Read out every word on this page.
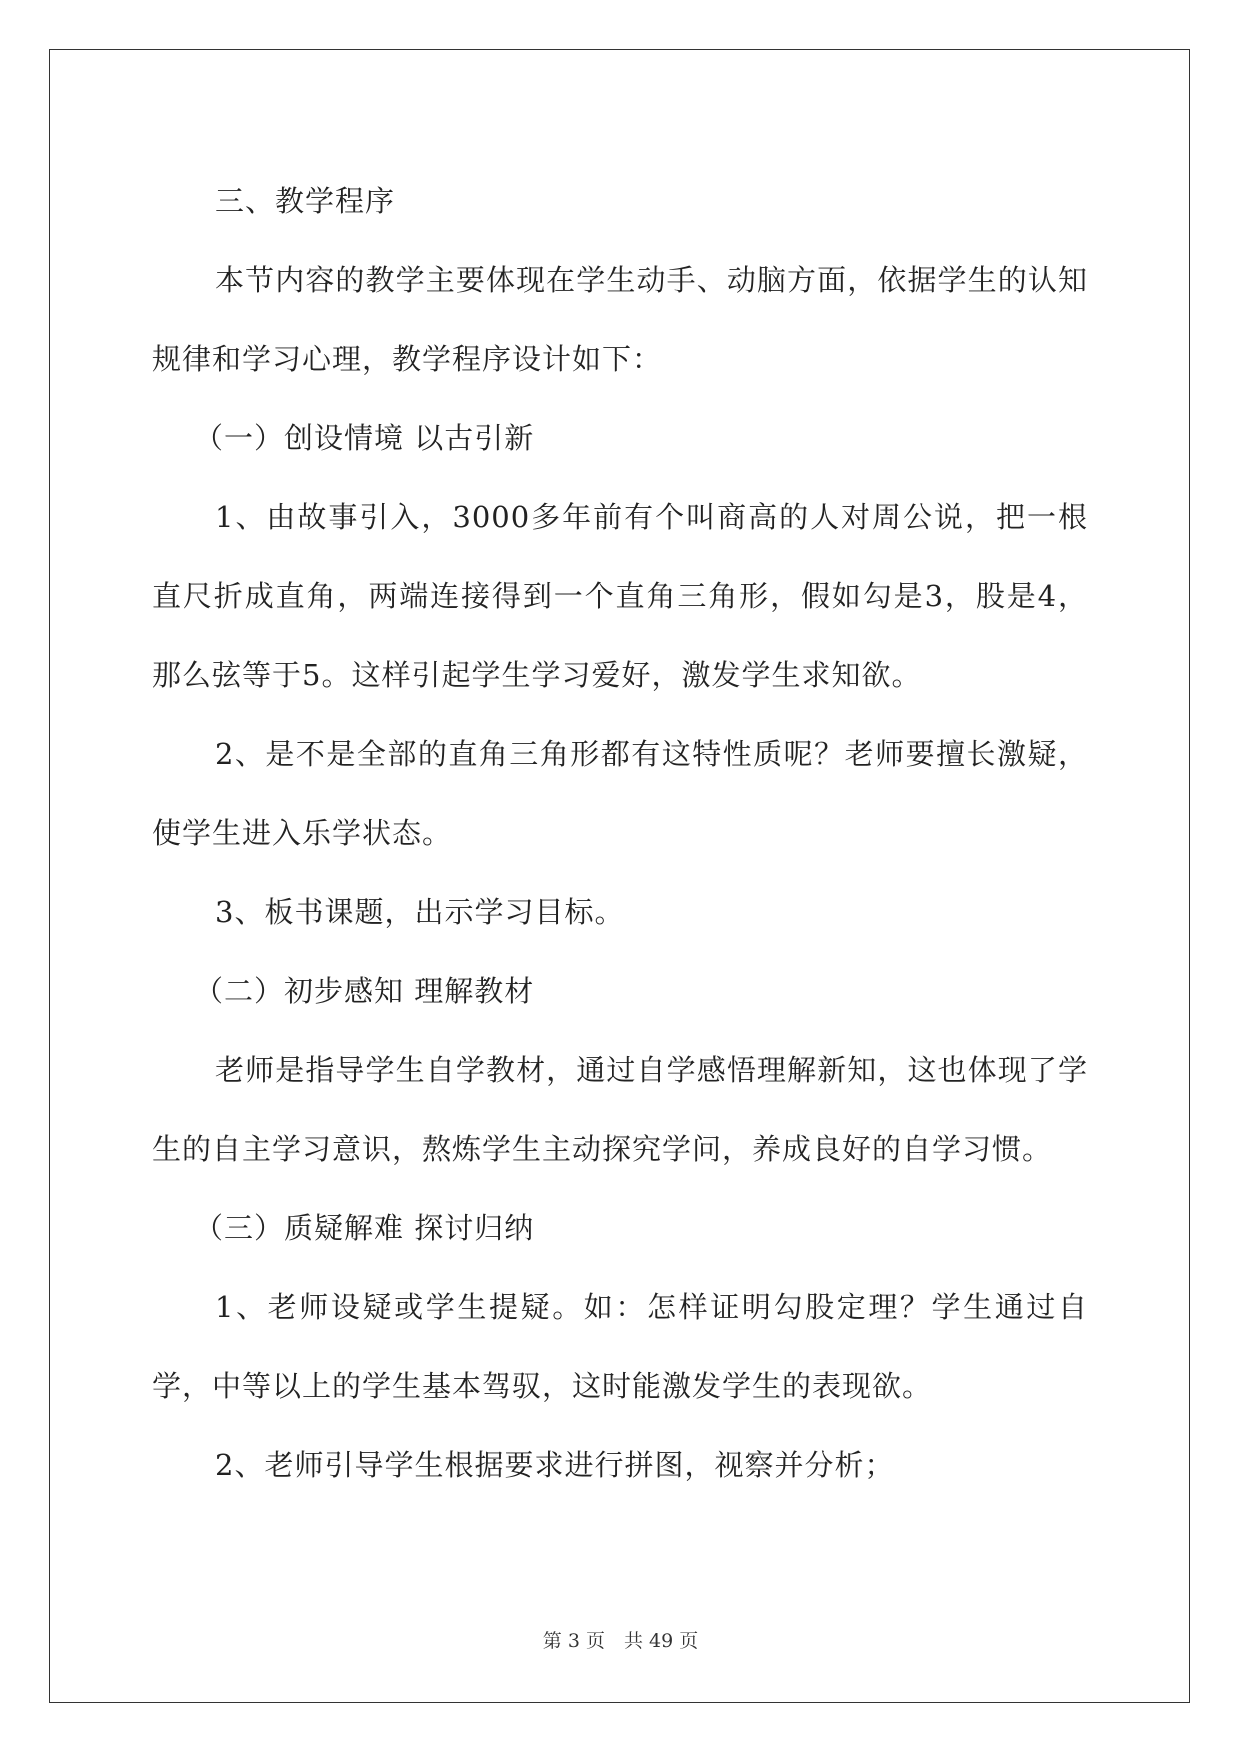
三、教学程序

本节内容的教学主要体现在学生动手、动脑方面，依据学生的认知规律和学习心理，教学程序设计如下：

（一）创设情境 以古引新

1、由故事引入，3000多年前有个叫商高的人对周公说，把一根直尺折成直角，两端连接得到一个直角三角形，假如勾是3，股是4，那么弦等于5。这样引起学生学习爱好，激发学生求知欲。

2、是不是全部的直角三角形都有这特性质呢？老师要擅长激疑，使学生进入乐学状态。

3、板书课题，出示学习目标。

（二）初步感知 理解教材

老师是指导学生自学教材，通过自学感悟理解新知，这也体现了学生的自主学习意识，熬炼学生主动探究学问，养成良好的自学习惯。

（三）质疑解难 探讨归纳

1、老师设疑或学生提疑。如：怎样证明勾股定理？学生通过自学，中等以上的学生基本驾驭，这时能激发学生的表现欲。

2、老师引导学生根据要求进行拼图，视察并分析；

第 3 页　共 49 页
